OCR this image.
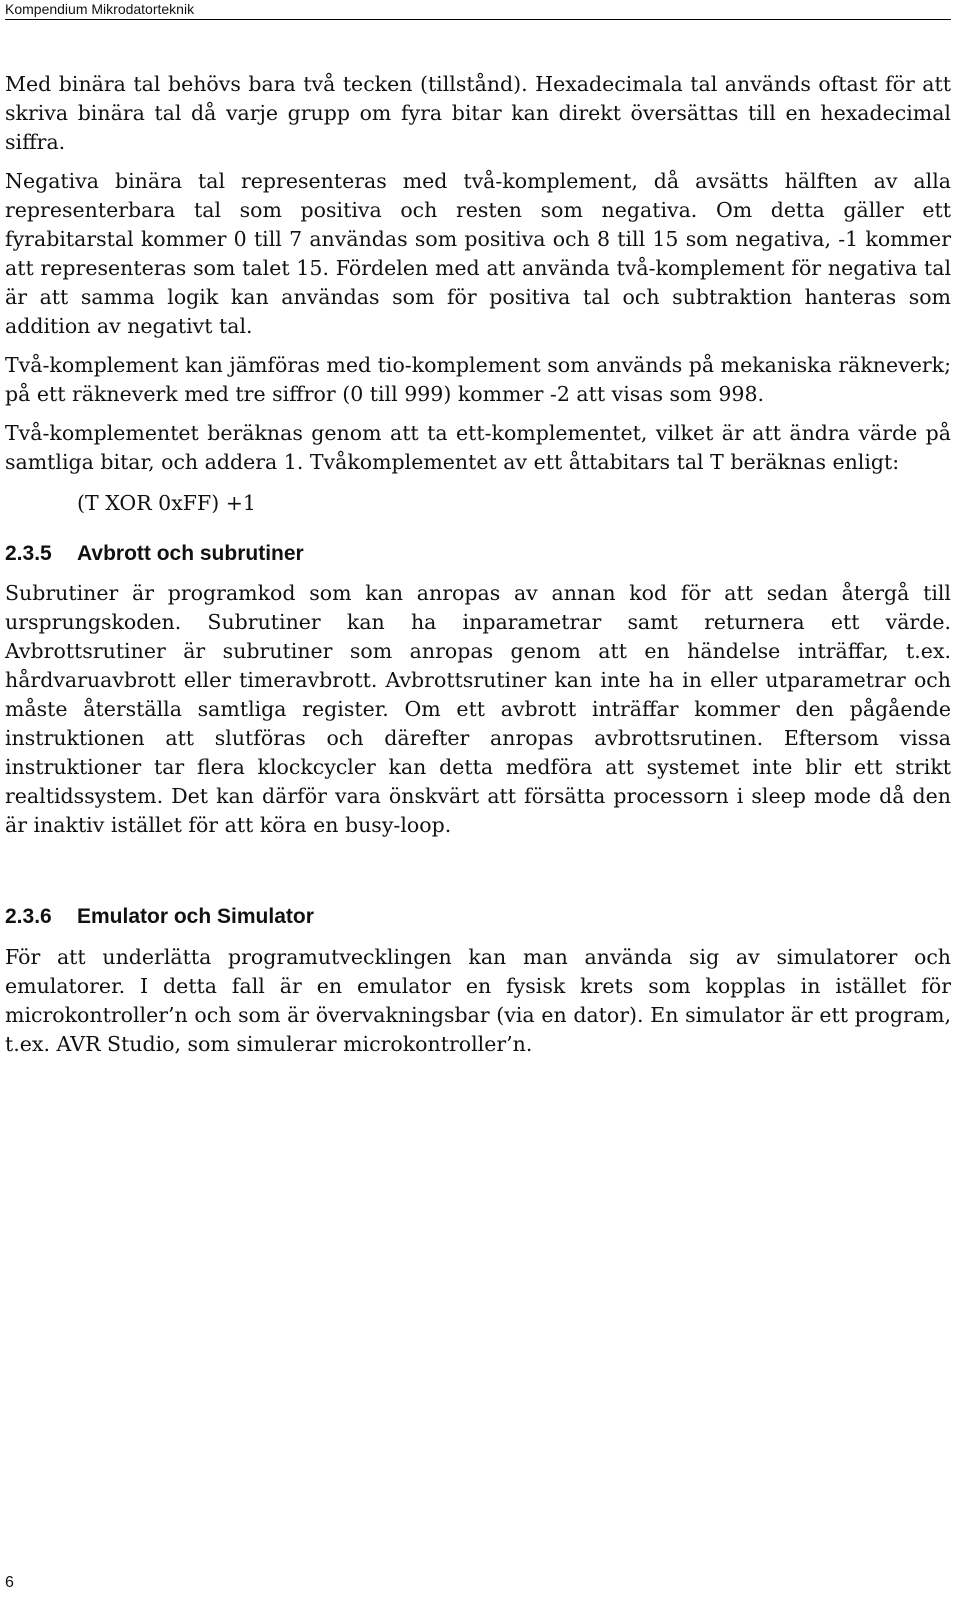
Kompendium Mikrodatorteknik

Med binära tal behövs bara två tecken (tillstånd). Hexadecimala tal används oftast för att skriva binära tal då varje grupp om fyra bitar kan direkt översättas till en hexadecimal siffra.

Negativa binära tal representeras med två-komplement, då avsätts hälften av alla representerbara tal som positiva och resten som negativa. Om detta gäller ett fyrabitarstal kommer 0 till 7 användas som positiva och 8 till 15 som negativa, -1 kommer att representeras som talet 15. Fördelen med att använda två-komplement för negativa tal är att samma logik kan användas som för positiva tal och subtraktion hanteras som addition av negativt tal.

Två-komplement kan jämföras med tio-komplement som används på mekaniska räkneverk; på ett räkneverk med tre siffror (0 till 999) kommer -2 att visas som 998.

Två-komplementet beräknas genom att ta ett-komplementet, vilket är att ändra värde på samtliga bitar, och addera 1. Tvåkomplementet av ett åttabitars tal T beräknas enligt:

(T XOR 0xFF) +1

2.3.5 Avbrott och subrutiner

Subrutiner är programkod som kan anropas av annan kod för att sedan återgå till ursprungskoden. Subrutiner kan ha inparametrar samt returnera ett värde. Avbrottsrutiner är subrutiner som anropas genom att en händelse inträffar, t.ex. hårdvaruavbrott eller timeravbrott. Avbrottsrutiner kan inte ha in eller utparametrar och måste återställa samtliga register. Om ett avbrott inträffar kommer den pågående instruktionen att slutföras och därefter anropas avbrottsrutinen. Eftersom vissa instruktioner tar flera klockcycler kan detta medföra att systemet inte blir ett strikt realtidssystem. Det kan därför vara önskvärt att försätta processorn i sleep mode då den är inaktiv istället för att köra en busy-loop.

2.3.6 Emulator och Simulator

För att underlätta programutvecklingen kan man använda sig av simulatorer och emulatorer. I detta fall är en emulator en fysisk krets som kopplas in istället för microkontroller’n och som är övervakningsbar (via en dator). En simulator är ett program, t.ex. AVR Studio, som simulerar microkontroller’n.

6
